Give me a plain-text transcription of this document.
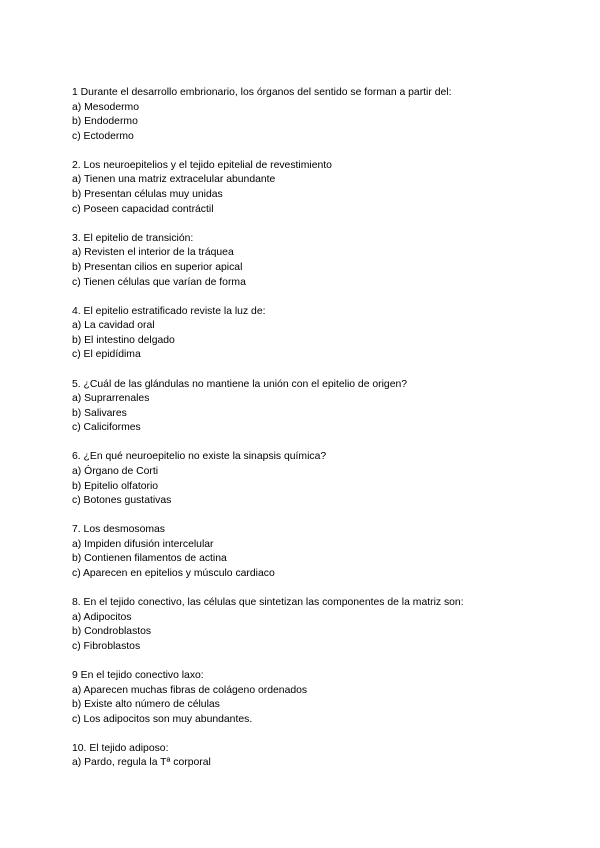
1 Durante el desarrollo embrionario, los órganos del sentido se forman a partir del:
a) Mesodermo
b) Endodermo
c) Ectodermo
2. Los neuroepitelios y el tejido epitelial de revestimiento
a) Tienen una matriz extracelular abundante
b) Presentan células muy unidas
c) Poseen capacidad contráctil
3. El epitelio de transición:
a) Revisten el interior de la tráquea
b) Presentan cilios en superior apical
c) Tienen células que varían de forma
4. El epitelio estratificado reviste la luz de:
a) La cavidad oral
b) El intestino delgado
c) El epidídima
5. ¿Cuál de las glándulas no mantiene la unión con el epitelio de origen?
a) Suprarrenales
b) Salivares
c) Caliciformes
6. ¿En qué neuroepitelio no existe la sinapsis química?
a) Órgano de Corti
b) Epitelio olfatorio
c) Botones gustativas
7. Los desmosomas
a) Impiden difusión intercelular
b) Contienen filamentos de actina
c) Aparecen en epitelios y músculo cardiaco
8. En el tejido conectivo, las células que sintetizan las componentes de la matriz son:
a) Adipocitos
b) Condroblastos
c) Fibroblastos
9 En el tejido conectivo laxo:
a) Aparecen muchas fibras de colágeno ordenados
b) Existe alto número de células
c) Los adipocitos son muy abundantes.
10. El tejido adiposo:
a) Pardo, regula la Tª corporal
